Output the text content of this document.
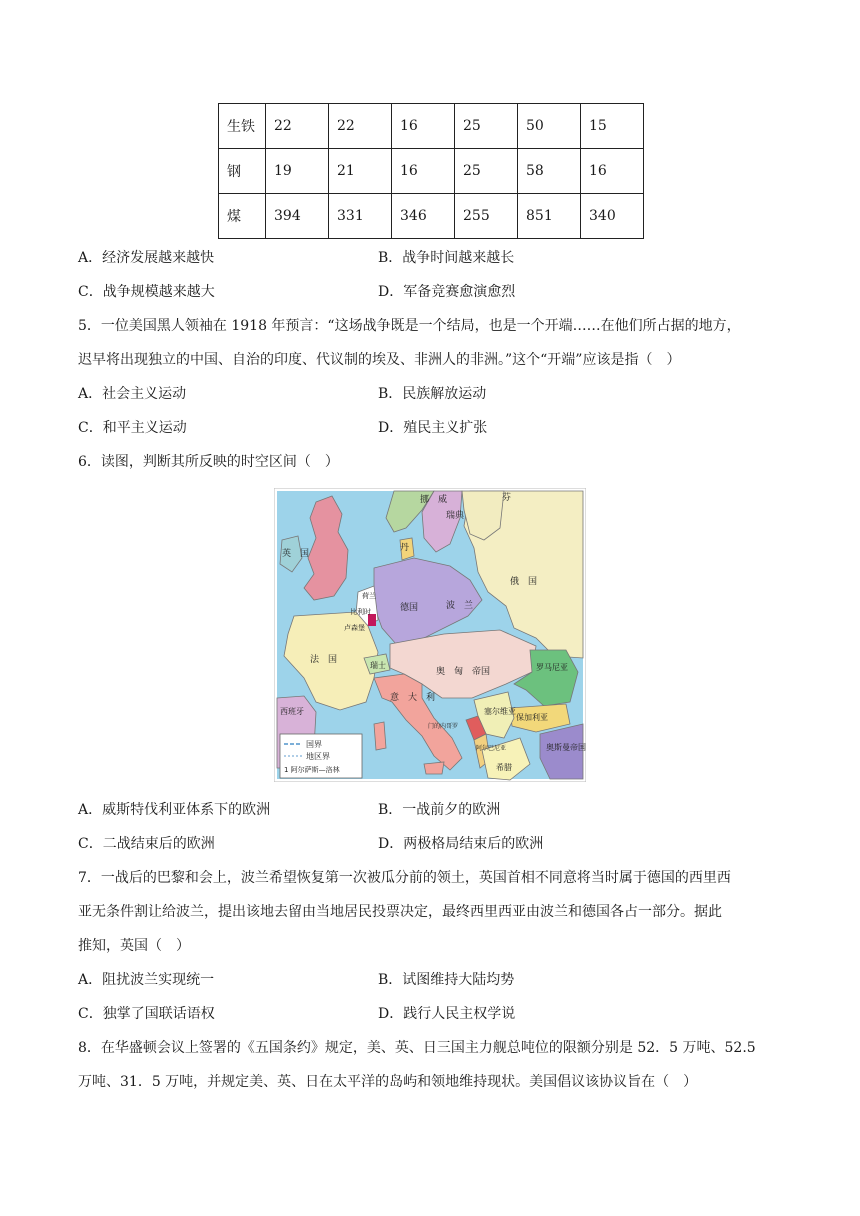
生铁	22	22	16	25	50	15
钢	19	21	16	25	58	16
煤	394	331	346	255	851	340
A．经济发展越来越快	B．战争时间越来越长
C．战争规模越来越大	D．军备竞赛愈演愈烈
5．一位美国黑人领袖在 1918 年预言：“这场战争既是一个结局，也是一个开端……在他们所占据的地方，
迟早将出现独立的中国、自治的印度、代议制的埃及、非洲人的非洲。”这个“开端”应该是指（　）
A．社会主义运动	B．民族解放运动
C．和平主义运动	D．殖民主义扩张
6．读图，判断其所反映的时空区间（　）
挪　威
瑞典
芬
英　国
丹
荷兰
比利时
卢森堡
德国	波　兰
俄　国
法　国
瑞士
奥　匈　帝国	罗马尼亚
塞尔维亚
保加利亚
门的内哥罗
阿尔巴尼亚
希腊
奥斯曼帝国
西班牙
意　大　利
国界
地区界
1 阿尔萨斯—洛林
A．威斯特伐利亚体系下的欧洲	B．一战前夕的欧洲
C．二战结束后的欧洲	D．两极格局结束后的欧洲
7．一战后的巴黎和会上，波兰希望恢复第一次被瓜分前的领土，英国首相不同意将当时属于德国的西里西
亚无条件割让给波兰，提出该地去留由当地居民投票决定，最终西里西亚由波兰和德国各占一部分。据此
推知，英国（　）
A．阻扰波兰实现统一	B．试图维持大陆均势
C．独掌了国联话语权	D．践行人民主权学说
8．在华盛顿会议上签署的《五国条约》规定，美、英、日三国主力舰总吨位的限额分别是 52．5 万吨、52.5
万吨、31．5 万吨，并规定美、英、日在太平洋的岛屿和领地维持现状。美国倡议该协议旨在（　）
